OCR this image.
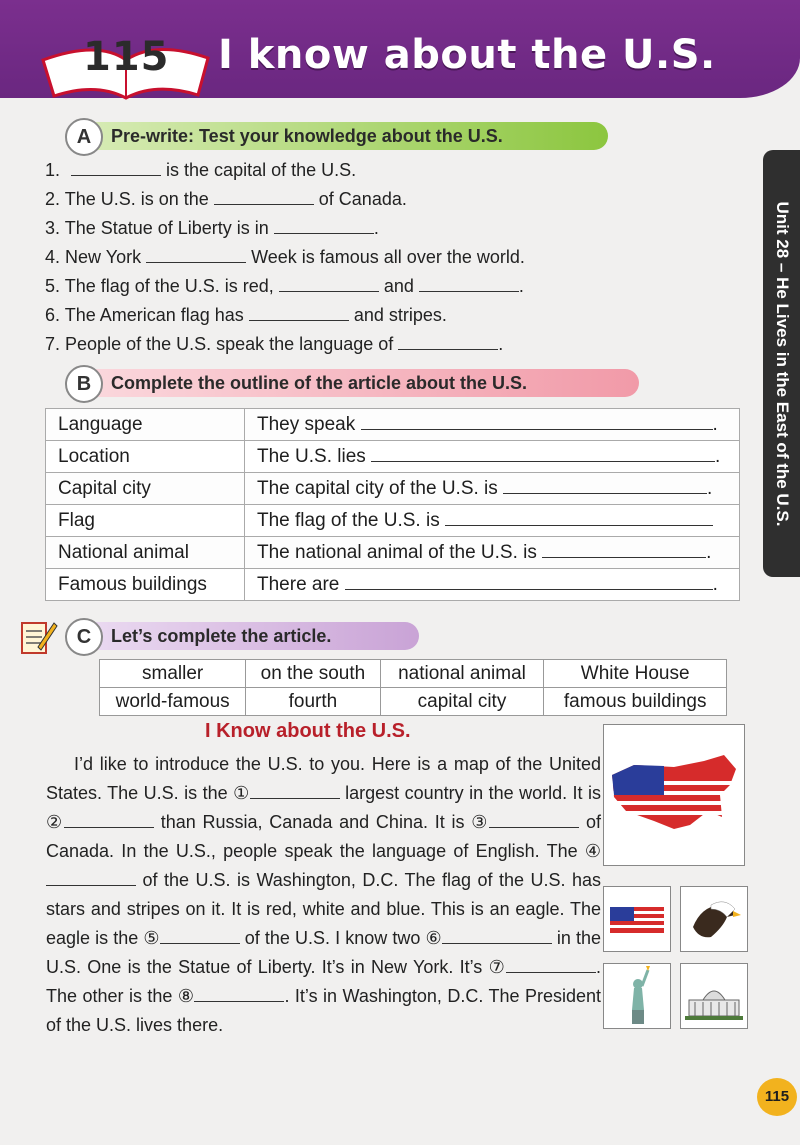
115 I know about the U.S.
Unit 28 – He Lives in the East of the U.S.
Pre-write: Test your knowledge about the U.S.
A
1.	is the capital of the U.S.
2. The U.S. is on the	of Canada.
3. The Statue of Liberty is in	.
4. New York	Week is famous all over the world.
5. The flag of the U.S. is red,	and	.
6. The American flag has	and stripes.
7. People of the U.S. speak the language of	.
Complete the outline of the article about the U.S.
B
Language	They speak .
Location	The U.S. lies .
Capital city	The capital city of the U.S. is .
Flag	The flag of the U.S. is
National animal	The national animal of the U.S. is .
Famous buildings	There are .
Let’s complete the article.
C
smaller	on the south	national animal	White House
world-famous	fourth	capital city	famous buildings
I Know about the U.S.
I’d like to introduce the U.S. to you. Here is a map of the United States. The U.S. is the ①	largest country in the world. It is ②	than Russia, Canada and China. It is ③	of Canada. In the U.S., people speak the language of English. The ④ of the U.S. is Washington, D.C. The flag of the U.S. has stars and stripes on it. It is red, white and blue. This is an eagle. The eagle is the ⑤	of the U.S. I know two ⑥	in the U.S. One is the Statue of Liberty. It’s in New York. It’s ⑦	. The other is the ⑧	. It’s in Washington, D.C. The President of the U.S. lives there.
115
